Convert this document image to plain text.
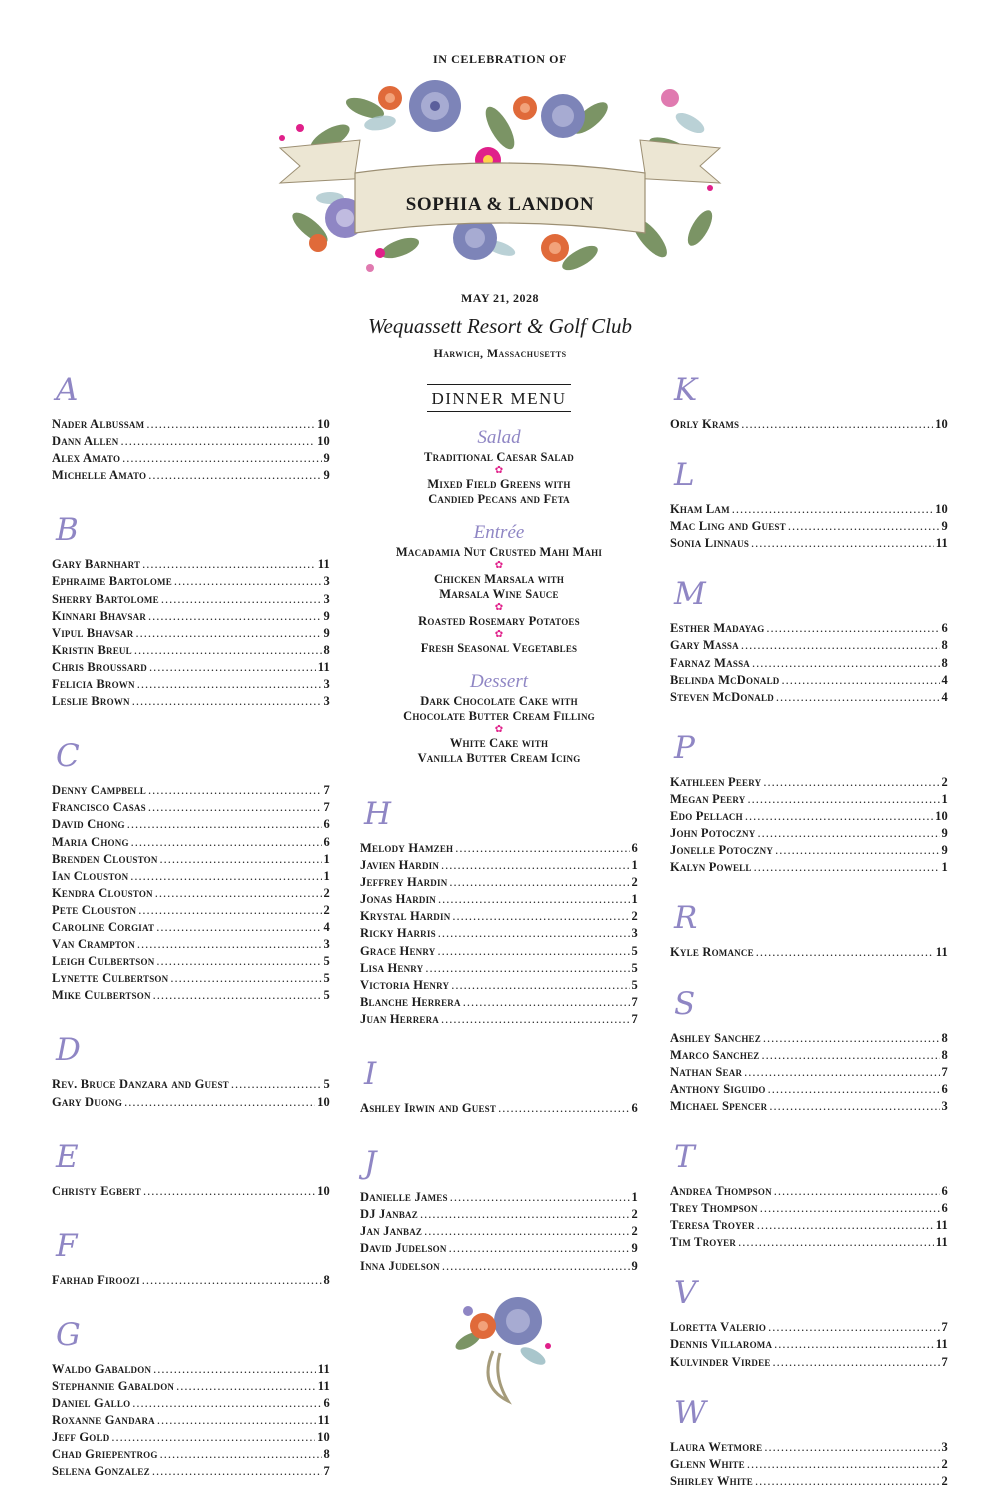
IN CELEBRATION OF
SOPHIA & LANDON
MAY 21, 2028
Wequassett Resort & Golf Club
Harwich, Massachusetts
A
Nader Albussam .....	10
Dann Allen .....	10
Alex Amato .....	9
Michelle Amato .....	9
B
Gary Barnhart .....	11
Ephraime Bartolome .....	3
Sherry Bartolome .....	3
Kinnari Bhavsar .....	9
Vipul Bhavsar .....	9
Kristin Breul .....	8
Chris Broussard .....	11
Felicia Brown .....	3
Leslie Brown .....	3
C
Denny Campbell .....	7
Francisco Casas .....	7
David Chong .....	6
Maria Chong .....	6
Brenden Clouston .....	1
Ian Clouston .....	1
Kendra Clouston .....	2
Pete Clouston .....	2
Caroline Corgiat .....	4
Van Crampton .....	3
Leigh Culbertson .....	5
Lynette Culbertson .....	5
Mike Culbertson .....	5
D
Rev. Bruce Danzara and Guest .....	5
Gary Duong .....	10
E
Christy Egbert .....	10
F
Farhad Firoozi .....	8
G
Waldo Gabaldon .....	11
Stephannie Gabaldon .....	11
Daniel Gallo .....	6
Roxanne Gandara .....	11
Jeff Gold .....	10
Chad Griepentrog .....	8
Selena Gonzalez .....	7
DINNER MENU
Salad
Traditional Caesar Salad
✿
Mixed Field Greens with
Candied Pecans and Feta
Entrée
Macadamia Nut Crusted Mahi Mahi
✿
Chicken Marsala with
Marsala Wine Sauce
✿
Roasted Rosemary Potatoes
✿
Fresh Seasonal Vegetables
Dessert
Dark Chocolate Cake with
Chocolate Butter Cream Filling
✿
White Cake with
Vanilla Butter Cream Icing
H
Melody Hamzeh .....	6
Javien Hardin .....	1
Jeffrey Hardin .....	2
Jonas Hardin .....	1
Krystal Hardin .....	2
Ricky Harris .....	3
Grace Henry .....	5
Lisa Henry .....	5
Victoria Henry .....	5
Blanche Herrera .....	7
Juan Herrera .....	7
I
Ashley Irwin and Guest .....	6
J
Danielle James .....	1
DJ Janbaz .....	2
Jan Janbaz .....	2
David Judelson .....	9
Inna Judelson .....	9
K
Orly Krams .....	10
L
Kham Lam .....	10
Mac Ling and Guest .....	9
Sonia Linnaus .....	11
M
Esther Madayag .....	6
Gary Massa .....	8
Farnaz Massa .....	8
Belinda McDonald .....	4
Steven McDonald .....	4
P
Kathleen Peery .....	2
Megan Peery .....	1
Edo Pellach .....	10
John Potoczny .....	9
Jonelle Potoczny .....	9
Kalyn Powell .....	1
R
Kyle Romance .....	11
S
Ashley Sanchez .....	8
Marco Sanchez .....	8
Nathan Sear .....	7
Anthony Siguido .....	6
Michael Spencer .....	3
T
Andrea Thompson .....	6
Trey Thompson .....	6
Teresa Troyer .....	11
Tim Troyer .....	11
V
Loretta Valerio .....	7
Dennis Villaroma .....	11
Kulvinder Virdee .....	7
W
Laura Wetmore .....	3
Glenn White .....	2
Shirley White .....	2
